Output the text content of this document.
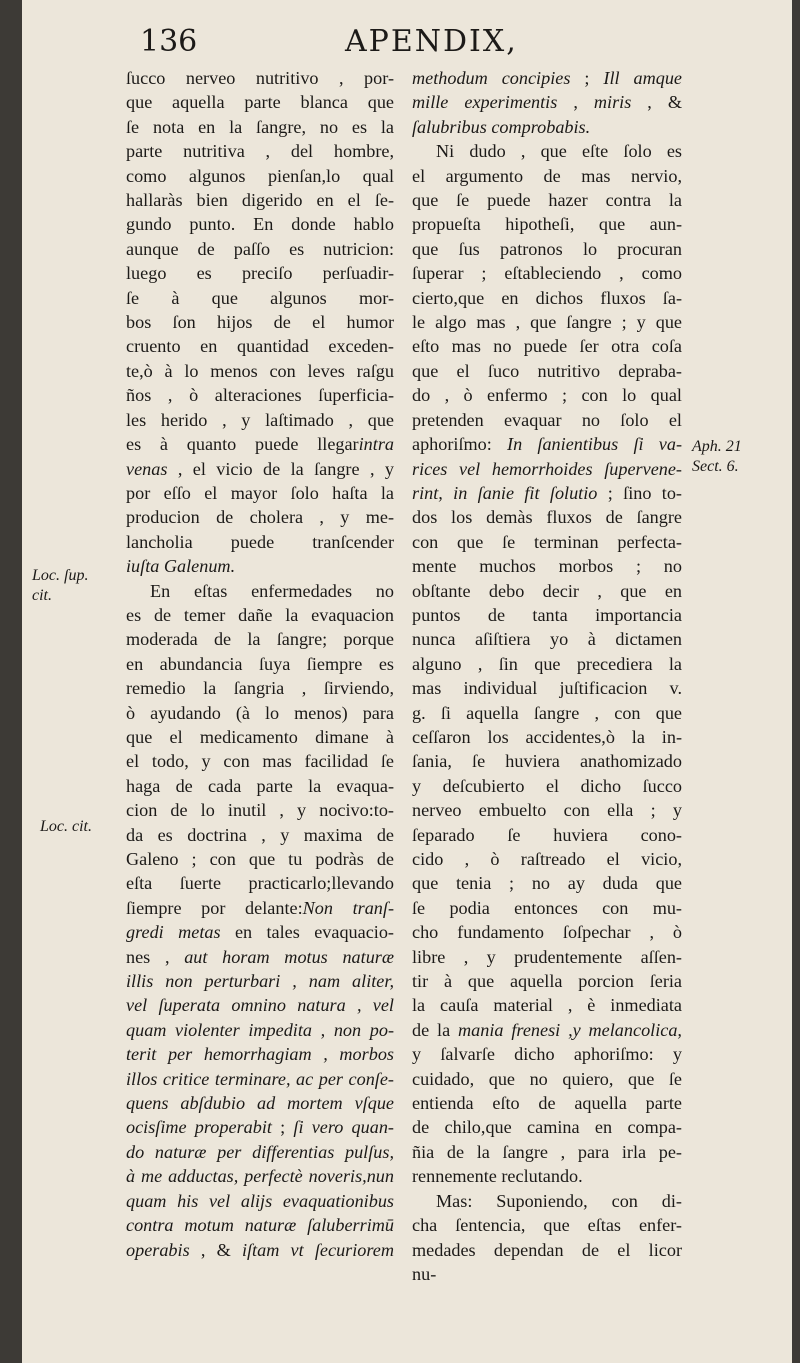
136	APENDIX,
ſucco nerveo nutritivo , por-
que aquella parte blanca que
ſe nota en la ſangre, no es la
parte nutritiva , del hombre,
como algunos pienſan,lo qual
hallaràs bien digerido en el ſe-
gundo punto. En donde hablo
aunque de paſſo es nutricion:
luego es preciſo perſuadir-
ſe à que algunos mor-
bos ſon hijos de el humor
cruento en quantidad exceden-
te,ò à lo menos con leves raſgu
ños , ò alteraciones ſuperficia-
les herido , y laſtimado , que
es à quanto puede llegarintra
venas , el vicio de la ſangre , y
por eſſo el mayor ſolo haſta la
producion de cholera , y me-
lancholia puede tranſcender
iuſta Galenum.
En eſtas enfermedades no
es de temer dañe la evaquacion
moderada de la ſangre; porque
en abundancia ſuya ſiempre es
remedio la ſangria , ſirviendo,
ò ayudando (à lo menos) para
que el medicamento dimane à
el todo, y con mas facilidad ſe
haga de cada parte la evaqua-
cion de lo inutil , y nocivo:to-
da es doctrina , y maxima de
Galeno ; con que tu podràs de
eſta ſuerte practicarlo;llevando
ſiempre por delante:Non tranſ-
gredi metas en tales evaquacio-
nes , aut horam motus naturæ
illis non perturbari , nam aliter,
vel ſuperata omnino natura , vel
quam violenter impedita , non po-
terit per hemorrhagiam , morbos
illos critice terminare, ac per conſe-
quens abſdubio ad mortem vſque
ocisſime properabit ; ſi vero quan-
do naturæ per differentias pulſus,
à me adductas, perfectè noveris,nun
quam his vel alijs evaquationibus
contra motum naturæ ſaluberrimū
operabis , & iſtam vt ſecuriorem
methodum concipies ; Ill amque
mille experimentis , miris , &
ſalubribus comprobabis.
Ni dudo , que eſte ſolo es
el argumento de mas nervio,
que ſe puede hazer contra la
propueſta hipotheſi, que aun-
que ſus patronos lo procuran
ſuperar ; eſtableciendo , como
cierto,que en dichos fluxos ſa-
le algo mas , que ſangre ; y que
eſto mas no puede ſer otra coſa
que el ſuco nutritivo depraba-
do , ò enfermo ; con lo qual
pretenden evaquar no ſolo el
aphoriſmo: In ſanientibus ſi va-
rices vel hemorrhoides ſupervene-
rint, in ſanie fit ſolutio ; ſino to-
dos los demàs fluxos de ſangre
con que ſe terminan perfecta-
mente muchos morbos ; no
obſtante debo decir , que en
puntos de tanta importancia
nunca aſiſtiera yo à dictamen
alguno , ſin que precediera la
mas individual juſtificacion v.
g. ſi aquella ſangre , con que
ceſſaron los accidentes,ò la in-
ſania, ſe huviera anathomizado
y deſcubierto el dicho ſucco
nerveo embuelto con ella ; y
ſeparado ſe huviera cono-
cido , ò raſtreado el vicio,
que tenia ; no ay duda que
ſe podia entonces con mu-
cho fundamento ſoſpechar , ò
libre , y prudentemente aſſen-
tir à que aquella porcion ſeria
la cauſa material , è inmediata
de la mania frenesi ,y melancolica,
y ſalvarſe dicho aphoriſmo: y
cuidado, que no quiero, que ſe
entienda eſto de aquella parte
de chilo,que camina en compa-
ñia de la ſangre , para irla pe-
rennemente reclutando.
Mas: Suponiendo, con di-
cha ſentencia, que eſtas enfer-
medades dependan de el licor
nu-
Loc. ſup.
cit.
Loc. cit.
Aph. 21
Sect. 6.
